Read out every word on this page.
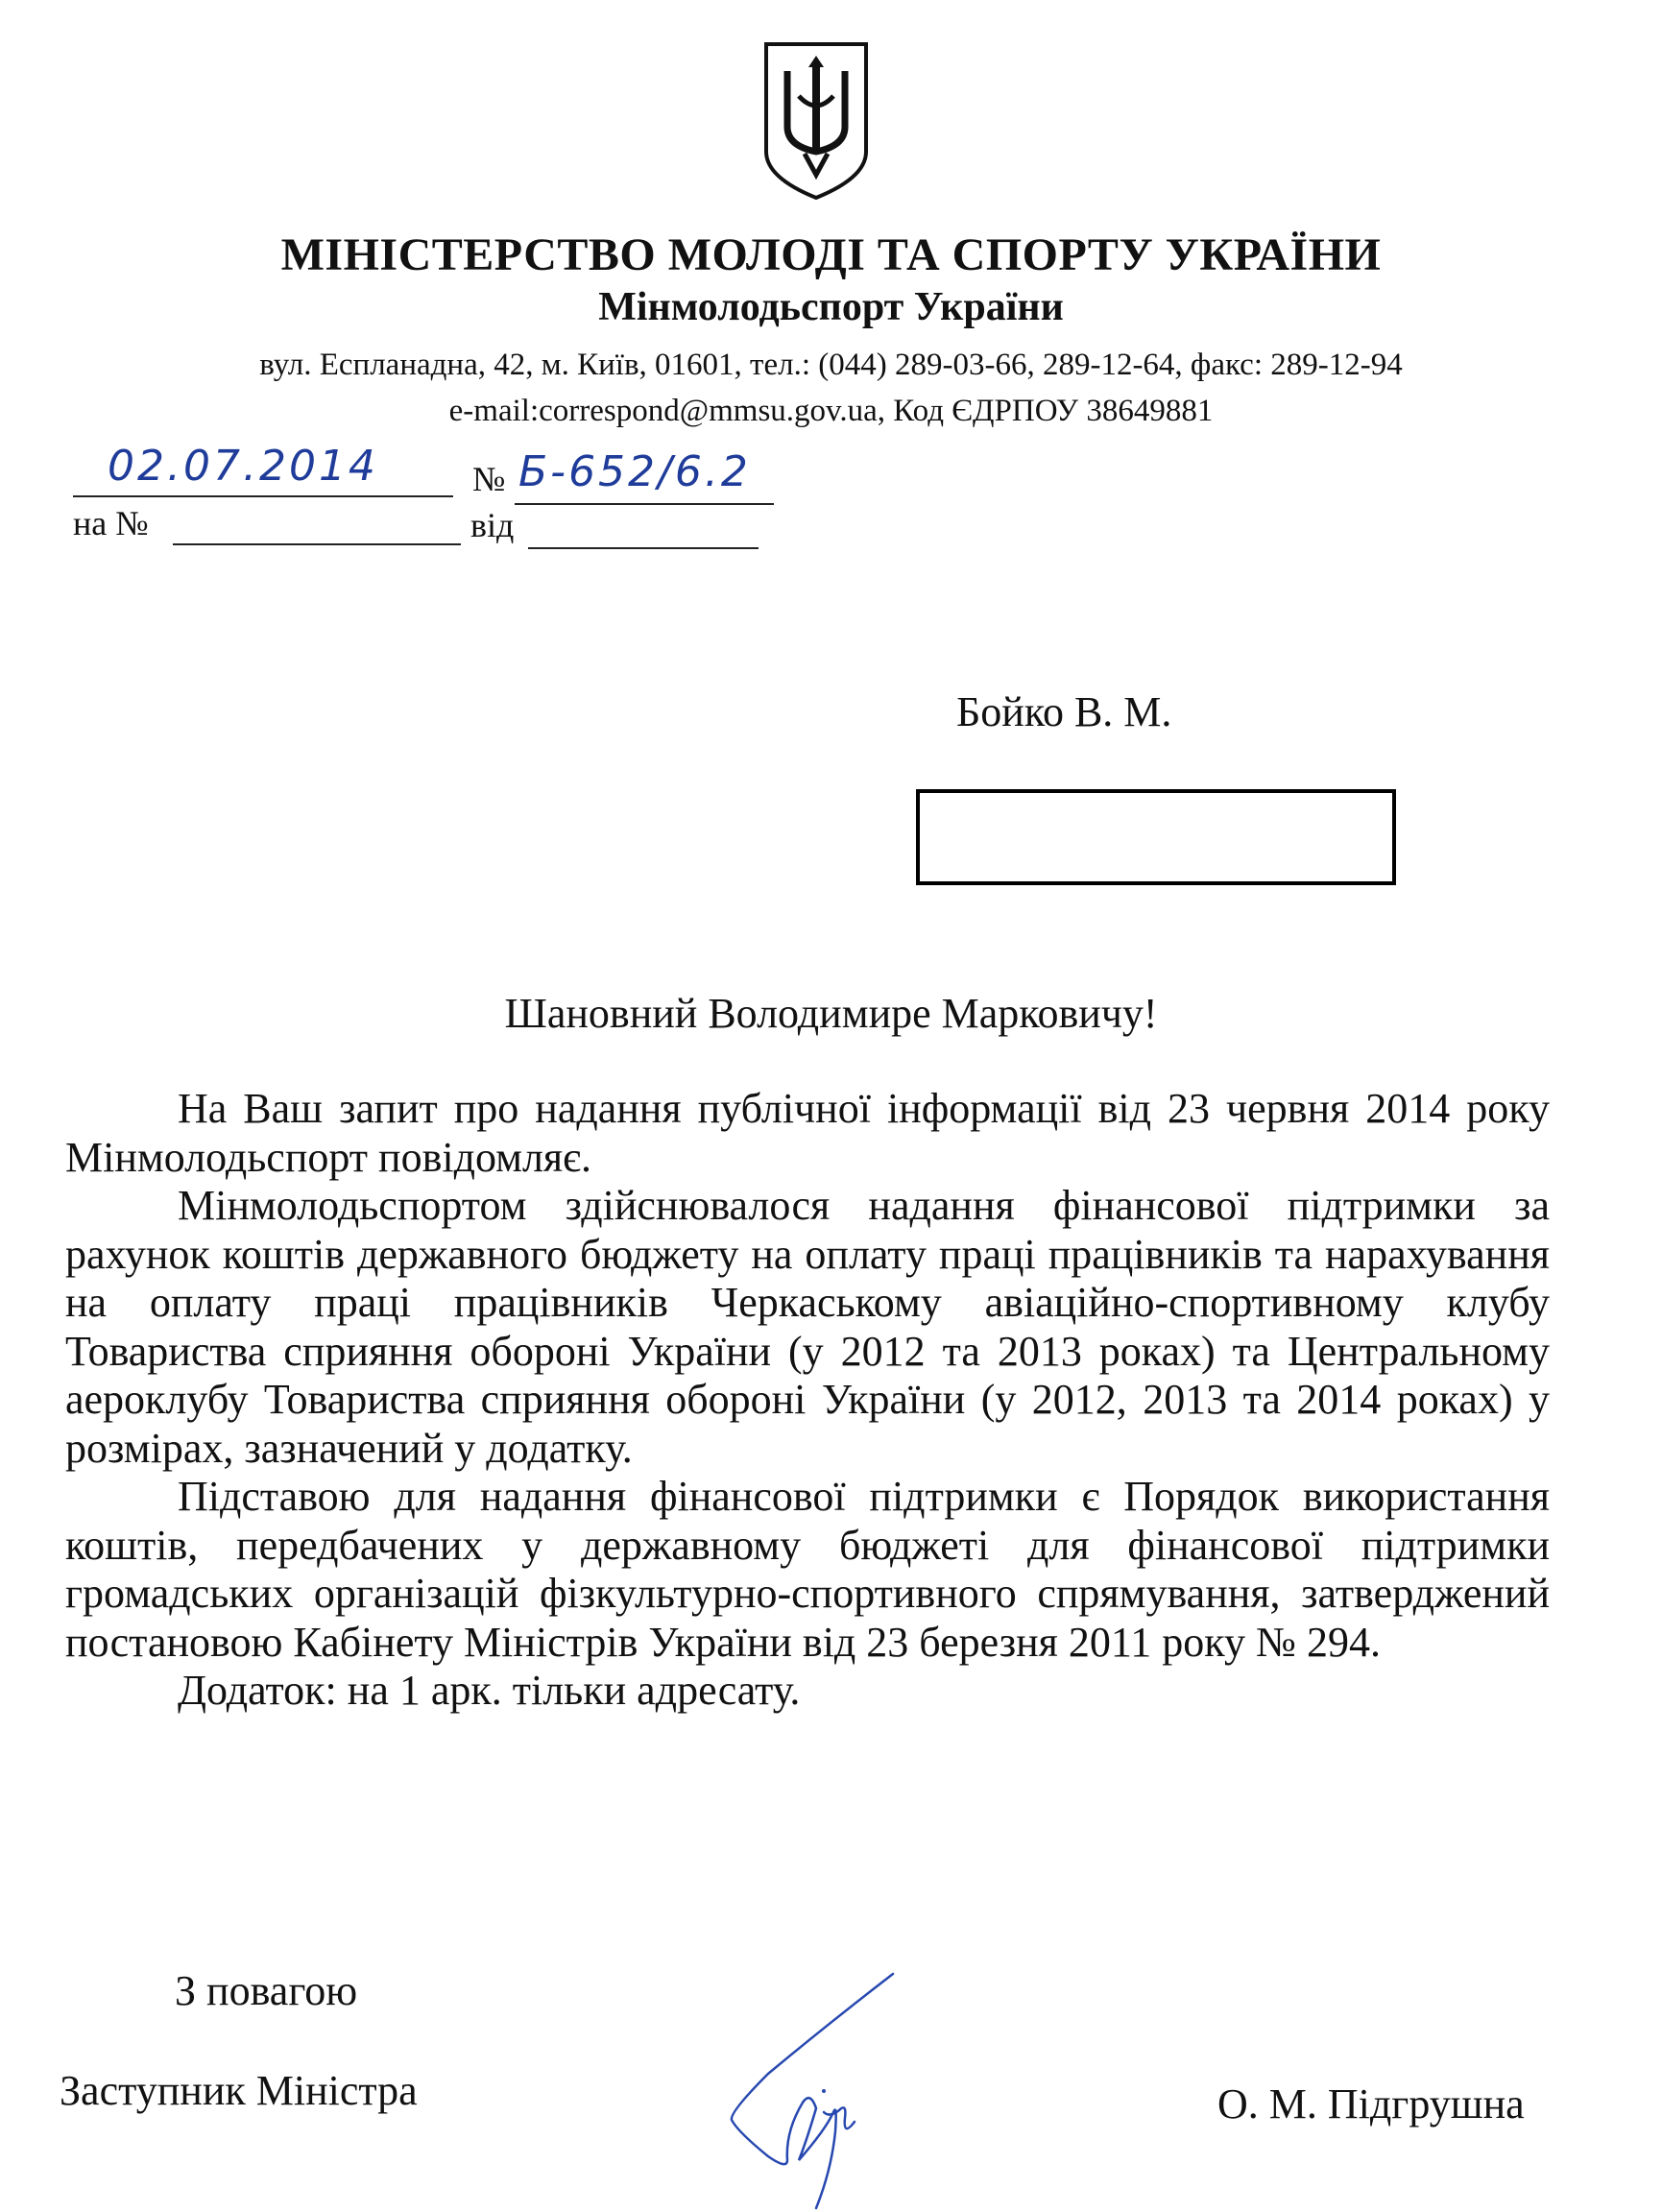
МІНІСТЕРСТВО МОЛОДІ ТА СПОРТУ УКРАЇНИ
Мінмолодьспорт України
вул. Еспланадна, 42, м. Київ, 01601, тел.: (044) 289-03-66, 289-12-64, факс: 289-12-94
e-mail:correspond@mmsu.gov.ua, Код ЄДРПОУ 38649881
02.07.2014	№ Б-652/6.2
на №	від
Бойко В. М.
Шановний Володимире Марковичу!

На Ваш запит про надання публічної інформації від 23 червня 2014 року Мінмолодьспорт повідомляє.

Мінмолодьспортом здійснювалося надання фінансової підтримки за рахунок коштів державного бюджету на оплату праці працівників та нарахування на оплату праці працівників Черкаському авіаційно-спортивному клубу Товариства сприяння обороні України (у 2012 та 2013 роках) та Центральному аероклубу Товариства сприяння обороні України (у 2012, 2013 та 2014 роках) у розмірах, зазначений у додатку.

Підставою для надання фінансової підтримки є Порядок використання коштів, передбачених у державному бюджеті для фінансової підтримки громадських організацій фізкультурно-спортивного спрямування, затверджений постановою Кабінету Міністрів України від 23 березня 2011 року № 294.

Додаток: на 1 арк. тільки адресату.

З повагою
Заступник Міністра	О. М. Підгрушна
